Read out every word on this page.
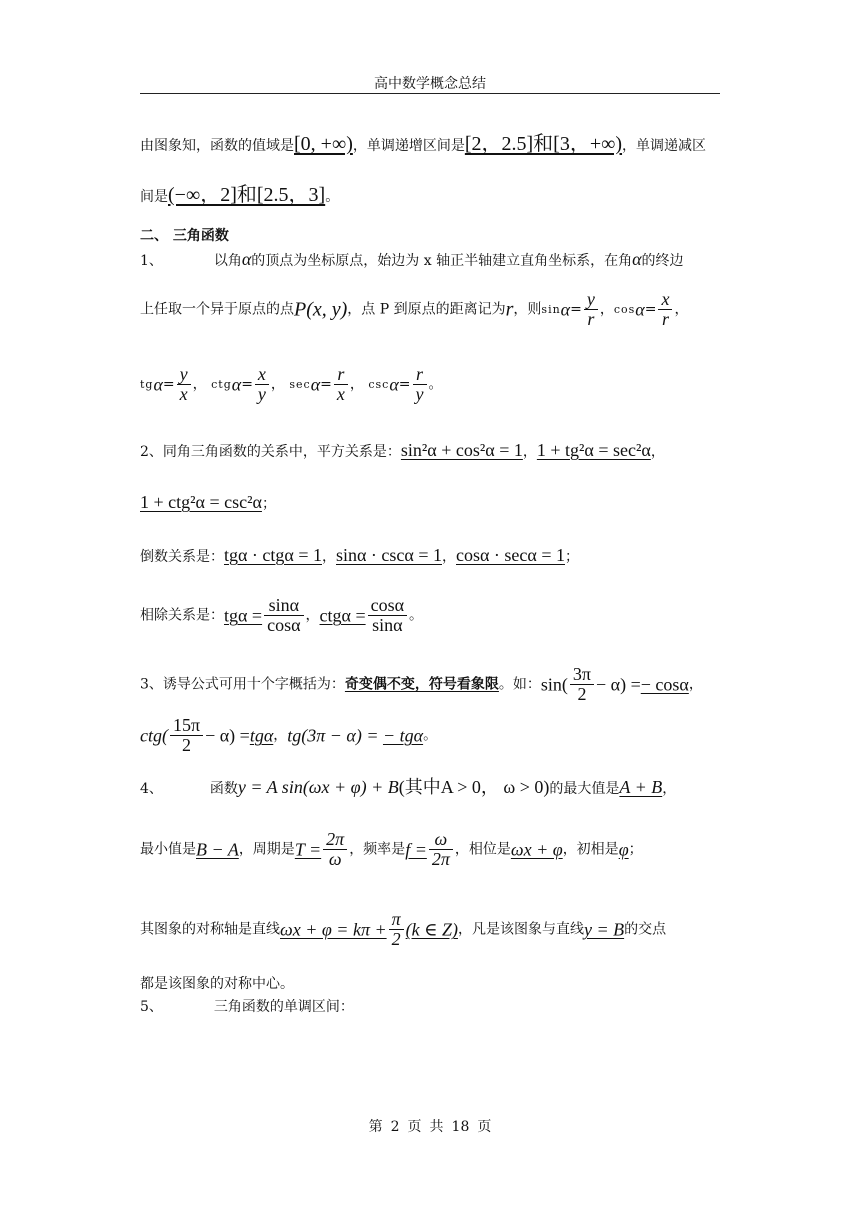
高中数学概念总结
由图象知，函数的值域是[0, +∞)，单调递增区间是[2，2.5]和[3，+∞)，单调递减区
间是(−∞，2]和[2.5，3]。
二、 三角函数
1、	以角α的顶点为坐标原点，始边为 x 轴正半轴建立直角坐标系，在角α的终边
上任取一个异于原点的点P(x, y)，点 P 到原点的距离记为r，则$\sin\alpha= \frac{y}{r}$ ，$\cos\alpha= \frac{x}{r}$ ，
$tg\alpha= \frac{y}{x}$ ， $ctg\alpha= \frac{x}{y}$ ， $\sec\alpha= \frac{r}{x}$ ， $\csc\alpha= \frac{r}{y}$ 。
2、同角三角函数的关系中，平方关系是：sin²α + cos²α = 1，1 + tg²α = sec²α，
1 + ctg²α = csc²α；
倒数关系是：tgα · ctgα = 1，sinα · cscα = 1，cosα · secα = 1；
相除关系是：$tg\alpha = \frac{\sin\alpha}{\cos\alpha}$ ，$ctg\alpha = \frac{\cos\alpha}{\sin\alpha}$ 。
3、诱导公式可用十个字概括为：奇变偶不变，符号看象限。如：$\sin( \frac{3\pi}{2} - \alpha) =- \cos\alpha$，
$ctg( \frac{15\pi}{2} - \alpha) =tg\alpha$，tg(3π − α) = − tgα。
4、	函数y = A sin(ωx + φ) + B(其中A > 0， ω > 0)的最大值是A + B，
最小值是B − A，周期是$T = \frac{2\pi}{\omega}$ ，频率是$f = \frac{\omega}{2\pi}$ ，相位是ωx + φ，初相是φ；
其图象的对称轴是直线$\omega x + \varphi = k\pi + \frac{\pi}{2} (k$ ∈ Z)，凡是该图象与直线y = B的交点
都是该图象的对称中心。
5、	三角函数的单调区间：
第 2 页 共 18 页
